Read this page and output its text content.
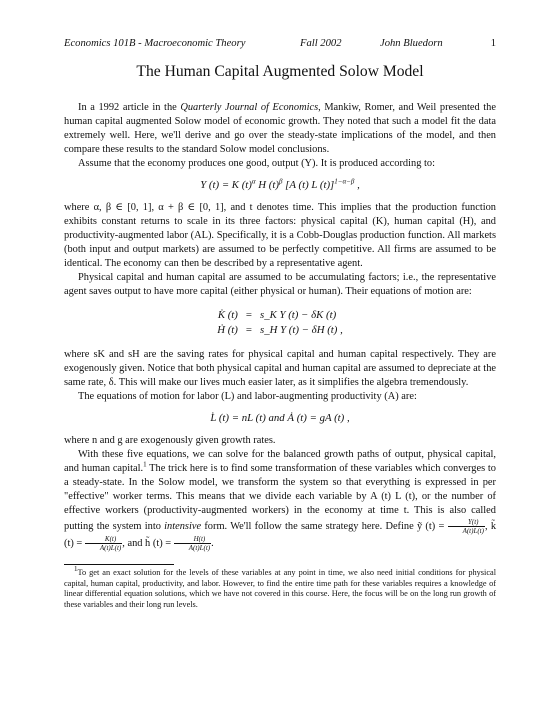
Economics 101B - Macroeconomic Theory	Fall 2002	John Bluedorn	1
The Human Capital Augmented Solow Model

In a 1992 article in the Quarterly Journal of Economics, Mankiw, Romer, and Weil presented the human capital augmented Solow model of economic growth. They noted that such a model fit the data extremely well. Here, we'll derive and go over the steady-state implications of the model, and then compare these results to the standard Solow model conclusions.

Assume that the economy produces one good, output (Y). It is produced according to:

Y (t) = K $(t)^\alpha$ H $(t)^\beta$ [A (t) L (t)]$^{1-\alpha-\beta}$ ,

where α, β ∈ [0, 1], α + β ∈ [0, 1], and t denotes time. This implies that the production function exhibits constant returns to scale in its three factors: physical capital (K), human capital (H), and productivity-augmented labor (AL). Specifically, it is a Cobb-Douglas production function. All markets (both input and output markets) are assumed to be perfectly competitive. All firms are assumed to be identical. The economy can then be described by a representative agent.

Physical capital and human capital are assumed to be accumulating factors; i.e., the representative agent saves output to have more capital (either physical or human). Their equations of motion are:

K̇ (t)	=	s_K Y (t) − δK (t)
Ḣ (t)	=	s_H Y (t) − δH (t) ,

where sK and sH are the saving rates for physical capital and human capital respectively. They are exogenously given. Notice that both physical capital and human capital are assumed to depreciate at the same rate, δ. This will make our lives much easier later, as it simplifies the algebra tremendously.

The equations of motion for labor (L) and labor-augmenting productivity (A) are:

L̇ (t) = nL (t) and Ȧ (t) = gA (t) ,

where n and g are exogenously given growth rates.

With these five equations, we can solve for the balanced growth paths of output, physical capital, and human capital.$^1$ The trick here is to find some transformation of these variables which converges to a steady-state. In the Solow model, we transform the system so that everything is expressed in per "effective" worker terms. This means that we divide each variable by A (t) L (t), or the number of effective workers (productivity-augmented workers) in the economy at time t. This is also called putting the system into intensive form. We'll follow the same strategy here. Define ỹ $(t) = \frac{Y(t)}{A(t)L(t)}$ , k̃ $(t) = \frac{K(t)}{A(t)L(t)}$ , and h̃ $(t) = \frac{H(t)}{A(t)L(t)}$ .

$^1$To get an exact solution for the levels of these variables at any point in time, we also need initial conditions for physical capital, human capital, productivity, and labor. However, to find the entire time path for these variables requires a knowledge of linear differential equation solutions, which we have not covered in this course. Here, the focus will be on the long run growth of these variables and their long run levels.
